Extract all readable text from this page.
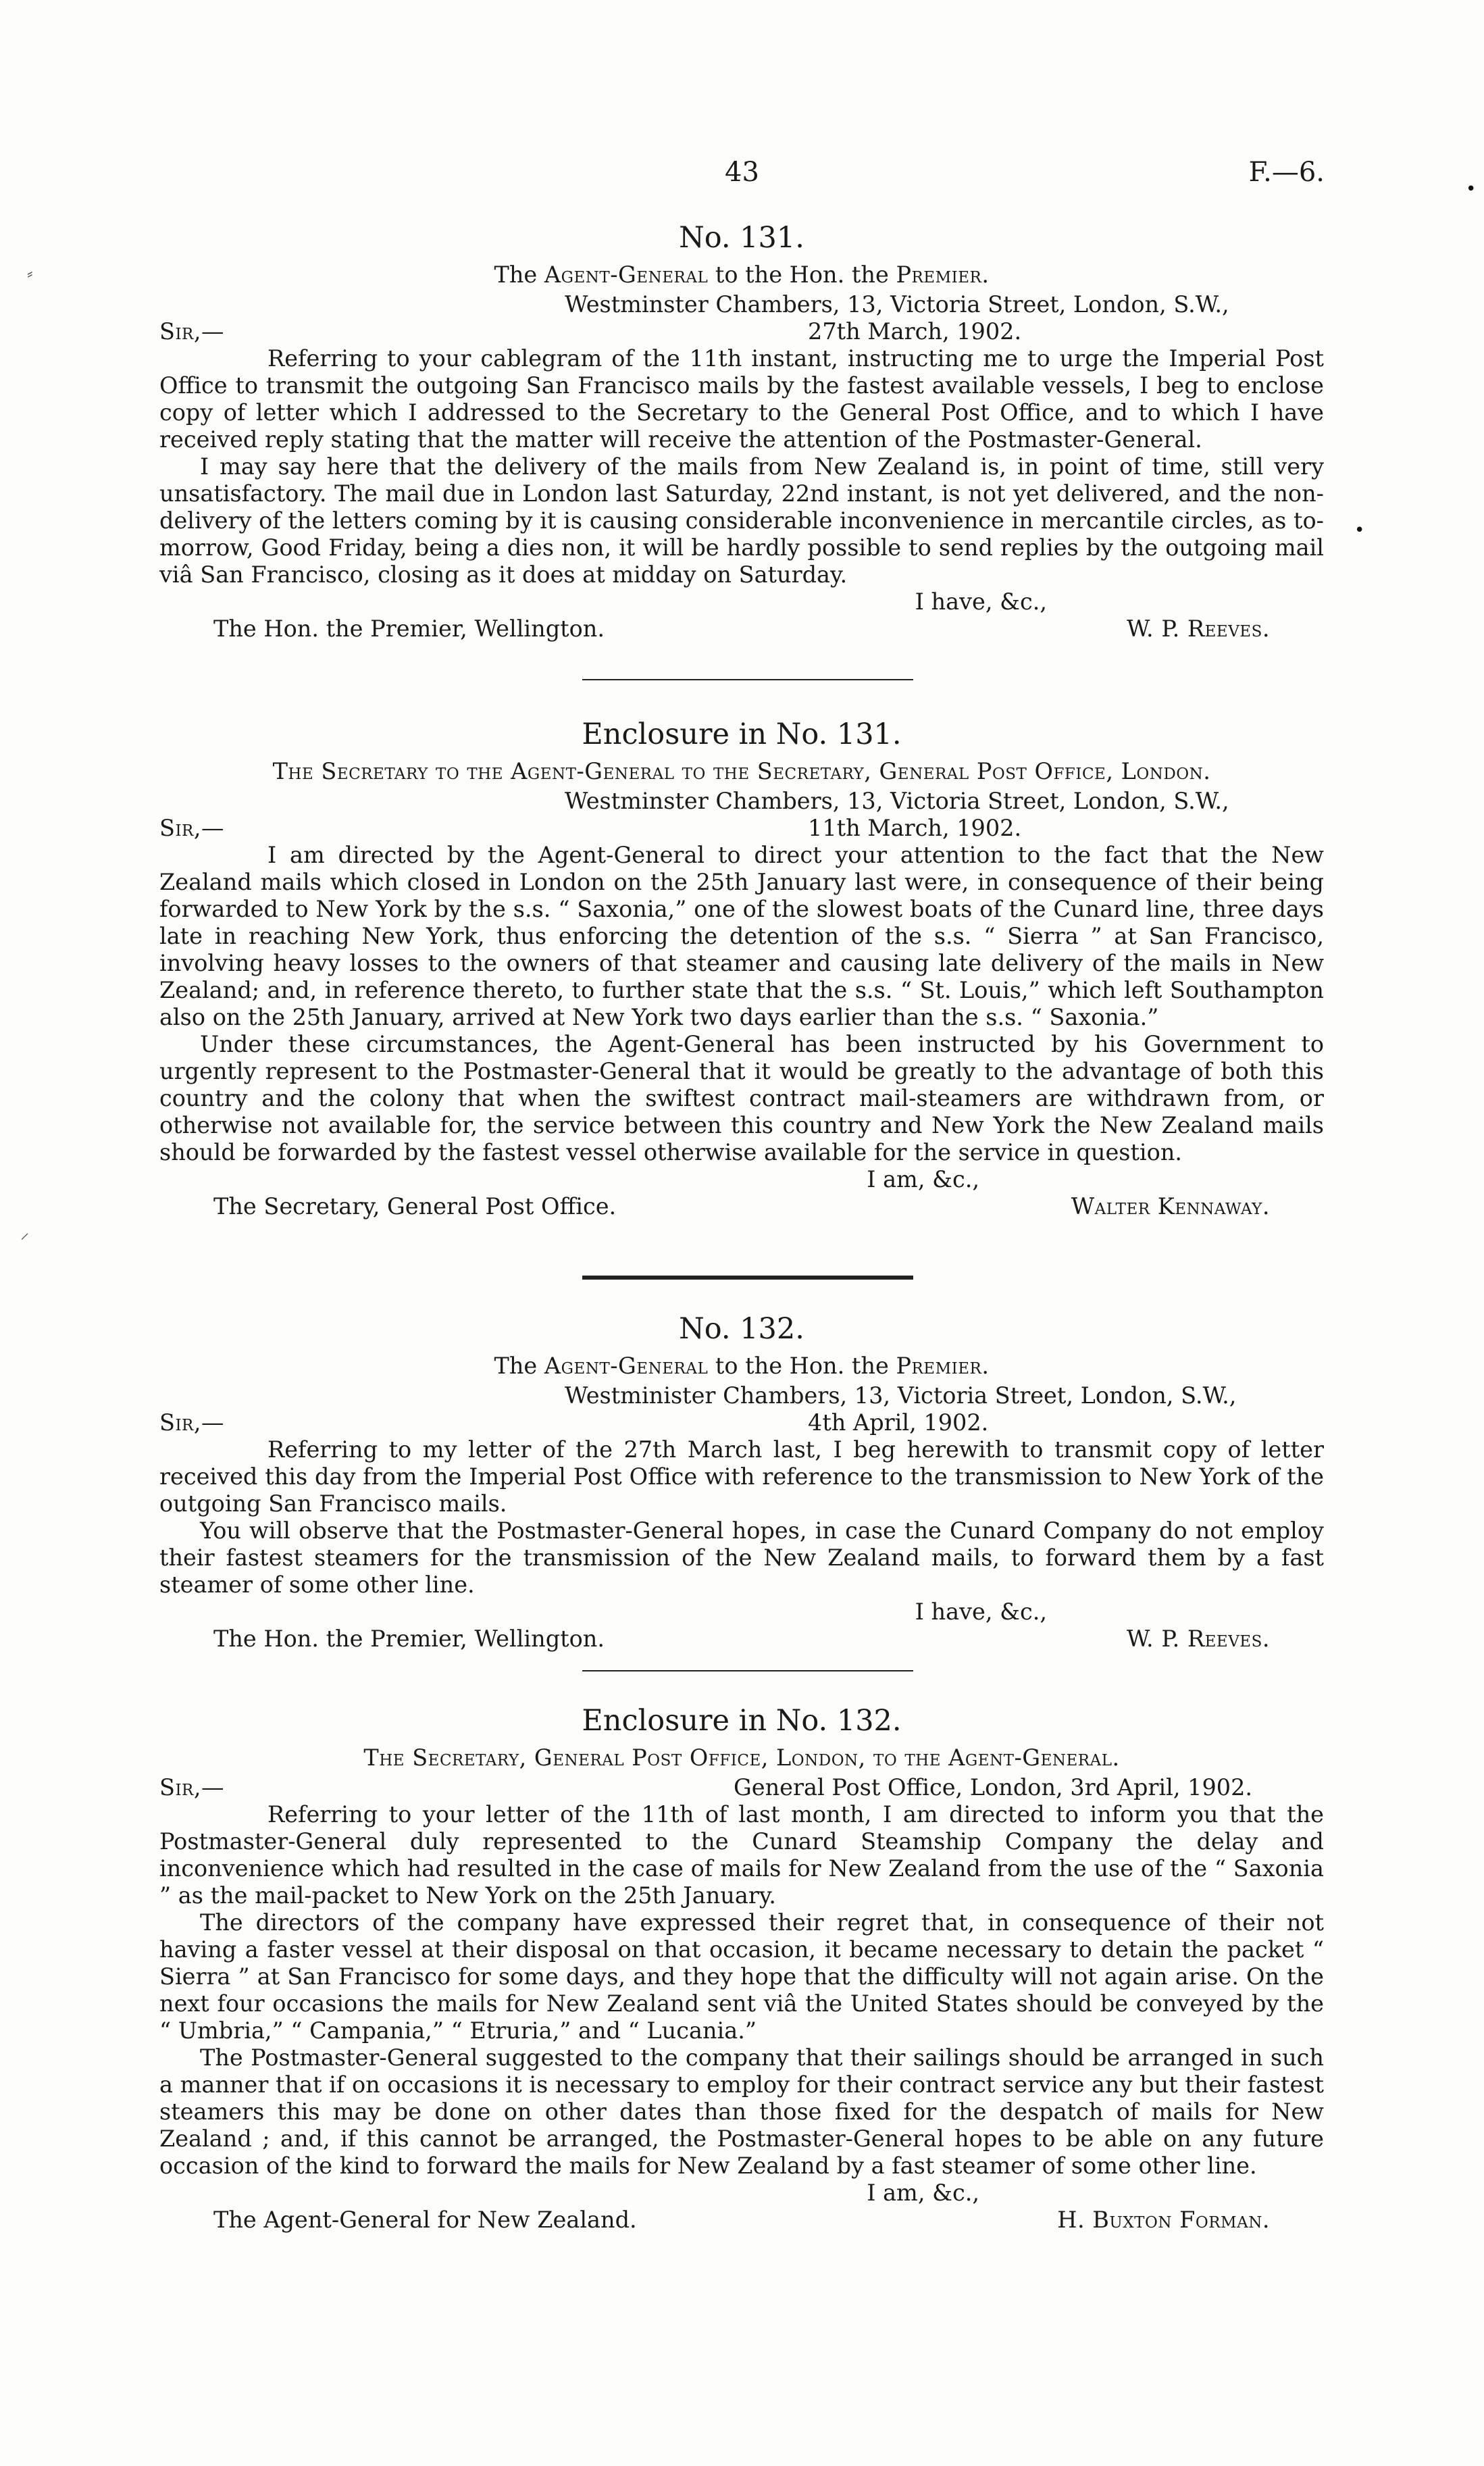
43	F.—6.
No. 131.
The Agent-General to the Hon. the Premier.
Westminster Chambers, 13, Victoria Street, London, S.W.,
Sir,—	27th March, 1902.

Referring to your cablegram of the 11th instant, instructing me to urge the Imperial Post Office to transmit the outgoing San Francisco mails by the fastest available vessels, I beg to enclose copy of letter which I addressed to the Secretary to the General Post Office, and to which I have received reply stating that the matter will receive the attention of the Postmaster-General.

I may say here that the delivery of the mails from New Zealand is, in point of time, still very unsatisfactory. The mail due in London last Saturday, 22nd instant, is not yet delivered, and the non-delivery of the letters coming by it is causing considerable inconvenience in mercantile circles, as to-morrow, Good Friday, being a dies non, it will be hardly possible to send replies by the outgoing mail viâ San Francisco, closing as it does at midday on Saturday.

I have, &c.,
The Hon. the Premier, Wellington.	W. P. Reeves.
Enclosure in No. 131.
The Secretary to the Agent-General to the Secretary, General Post Office, London.
Westminster Chambers, 13, Victoria Street, London, S.W.,
Sir,—	11th March, 1902.

I am directed by the Agent-General to direct your attention to the fact that the New Zealand mails which closed in London on the 25th January last were, in consequence of their being forwarded to New York by the s.s. “ Saxonia,” one of the slowest boats of the Cunard line, three days late in reaching New York, thus enforcing the detention of the s.s. “ Sierra ” at San Francisco, involving heavy losses to the owners of that steamer and causing late delivery of the mails in New Zealand; and, in reference thereto, to further state that the s.s. “ St. Louis,” which left Southampton also on the 25th January, arrived at New York two days earlier than the s.s. “ Saxonia.”

Under these circumstances, the Agent-General has been instructed by his Government to urgently represent to the Postmaster-General that it would be greatly to the advantage of both this country and the colony that when the swiftest contract mail-steamers are withdrawn from, or otherwise not available for, the service between this country and New York the New Zealand mails should be forwarded by the fastest vessel otherwise available for the service in question.

I am, &c.,
The Secretary, General Post Office.	Walter Kennaway.
No. 132.
The Agent-General to the Hon. the Premier.
Westminister Chambers, 13, Victoria Street, London, S.W.,
Sir,—	4th April, 1902.

Referring to my letter of the 27th March last, I beg herewith to transmit copy of letter received this day from the Imperial Post Office with reference to the transmission to New York of the outgoing San Francisco mails.

You will observe that the Postmaster-General hopes, in case the Cunard Company do not employ their fastest steamers for the transmission of the New Zealand mails, to forward them by a fast steamer of some other line.

I have, &c.,
The Hon. the Premier, Wellington.	W. P. Reeves.
Enclosure in No. 132.
The Secretary, General Post Office, London, to the Agent-General.
Sir,—	General Post Office, London, 3rd April, 1902.

Referring to your letter of the 11th of last month, I am directed to inform you that the Postmaster-General duly represented to the Cunard Steamship Company the delay and inconvenience which had resulted in the case of mails for New Zealand from the use of the “ Saxonia ” as the mail-packet to New York on the 25th January.

The directors of the company have expressed their regret that, in consequence of their not having a faster vessel at their disposal on that occasion, it became necessary to detain the packet “ Sierra ” at San Francisco for some days, and they hope that the difficulty will not again arise. On the next four occasions the mails for New Zealand sent viâ the United States should be conveyed by the “ Umbria,” “ Campania,” “ Etruria,” and “ Lucania.”

The Postmaster-General suggested to the company that their sailings should be arranged in such a manner that if on occasions it is necessary to employ for their contract service any but their fastest steamers this may be done on other dates than those fixed for the despatch of mails for New Zealand ; and, if this cannot be arranged, the Postmaster-General hopes to be able on any future occasion of the kind to forward the mails for New Zealand by a fast steamer of some other line.

I am, &c.,
The Agent-General for New Zealand.	H. Buxton Forman.
⸗
⸝
•
•
